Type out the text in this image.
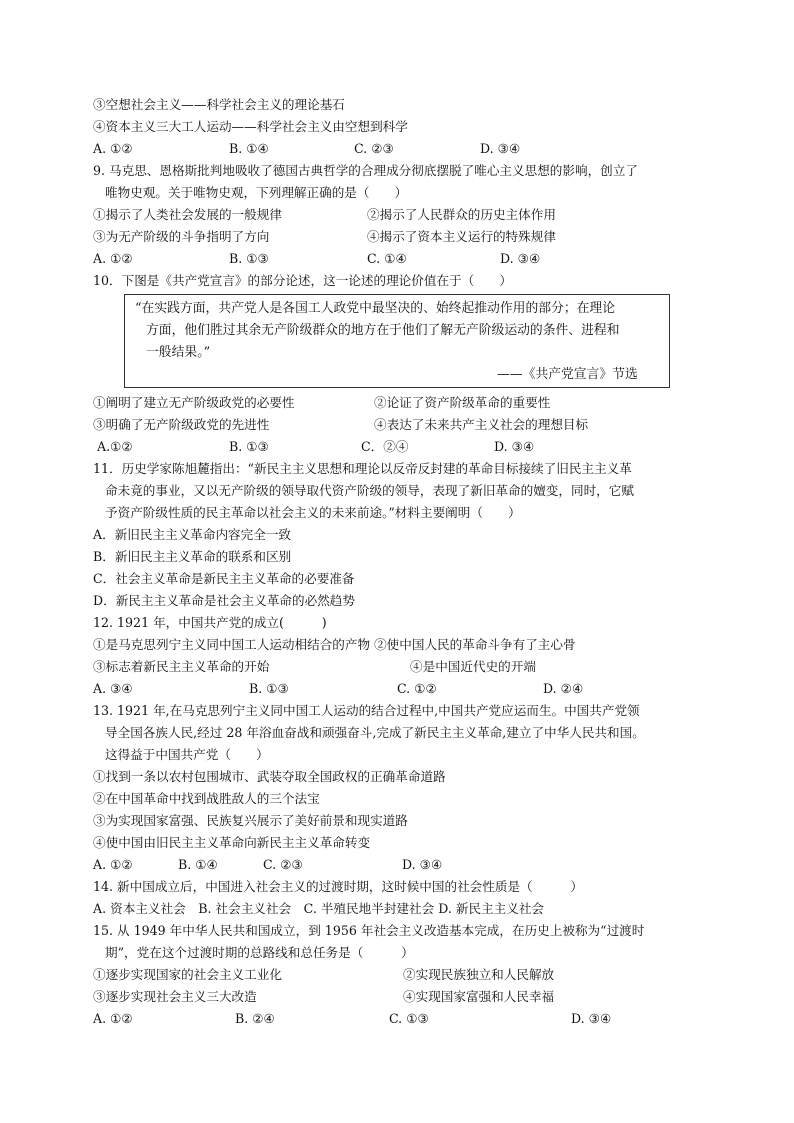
③空想社会主义——科学社会主义的理论基石
④资本主义三大工人运动——科学社会主义由空想到科学
A. ①②	B. ①④	C. ②③	D. ③④
9. 马克思、恩格斯批判地吸收了德国古典哲学的合理成分彻底摆脱了唯心主义思想的影响，创立了
唯物史观。关于唯物史观，下列理解正确的是（　　）
①揭示了人类社会发展的一般规律	②揭示了人民群众的历史主体作用
③为无产阶级的斗争指明了方向	④揭示了资本主义运行的特殊规律
A. ①②	B. ①③	C. ①④	D. ③④
10．下图是《共产党宣言》的部分论述，这一论述的理论价值在于（　　）
“在实践方面，共产党人是各国工人政党中最坚决的、始终起推动作用的部分；在理论
方面，他们胜过其余无产阶级群众的地方在于他们了解无产阶级运动的条件、进程和
一般结果。”
——《共产党宣言》节选
①阐明了建立无产阶级政党的必要性	②论证了资产阶级革命的重要性
③明确了无产阶级政党的先进性	④表达了未来共产主义社会的理想目标
A.①②	B. ①③	C．②④	D. ③④
11．历史学家陈旭麓指出：“新民主主义思想和理论以反帝反封建的革命目标接续了旧民主主义革
命未竟的事业，又以无产阶级的领导取代资产阶级的领导，表现了新旧革命的嬗变，同时，它赋
予资产阶级性质的民主革命以社会主义的未来前途。”材料主要阐明（　　）
A．新旧民主主义革命内容完全一致
B．新旧民主主义革命的联系和区别
C．社会主义革命是新民主主义革命的必要准备
D．新民主主义革命是社会主义革命的必然趋势
12. 1921 年，中国共产党的成立(　　　)
①是马克思列宁主义同中国工人运动相结合的产物 ②使中国人民的革命斗争有了主心骨
③标志着新民主主义革命的开始	④是中国近代史的开端
A. ③④	B. ①③	C. ①②	D. ②④
13. 1921 年,在马克思列宁主义同中国工人运动的结合过程中,中国共产党应运而生。中国共产党领
导全国各族人民,经过 28 年浴血奋战和顽强奋斗,完成了新民主主义革命,建立了中华人民共和国。
这得益于中国共产党（　　）
①找到一条以农村包围城市、武装夺取全国政权的正确革命道路
②在中国革命中找到战胜敌人的三个法宝
③为实现国家富强、民族复兴展示了美好前景和现实道路
④使中国由旧民主主义革命向新民主主义革命转变
A. ①②	B. ①④	C. ②③	D. ③④
14. 新中国成立后，中国进入社会主义的过渡时期，这时候中国的社会性质是（　　　）
A. 资本主义社会　B. 社会主义社会　C. 半殖民地半封建社会 D. 新民主主义社会
15. 从 1949 年中华人民共和国成立，到 1956 年社会主义改造基本完成，在历史上被称为“过渡时
期”，党在这个过渡时期的总路线和总任务是（　　　）
①逐步实现国家的社会主义工业化	②实现民族独立和人民解放
③逐步实现社会主义三大改造	④实现国家富强和人民幸福
A. ①②	B. ②④	C. ①③	D. ③④
